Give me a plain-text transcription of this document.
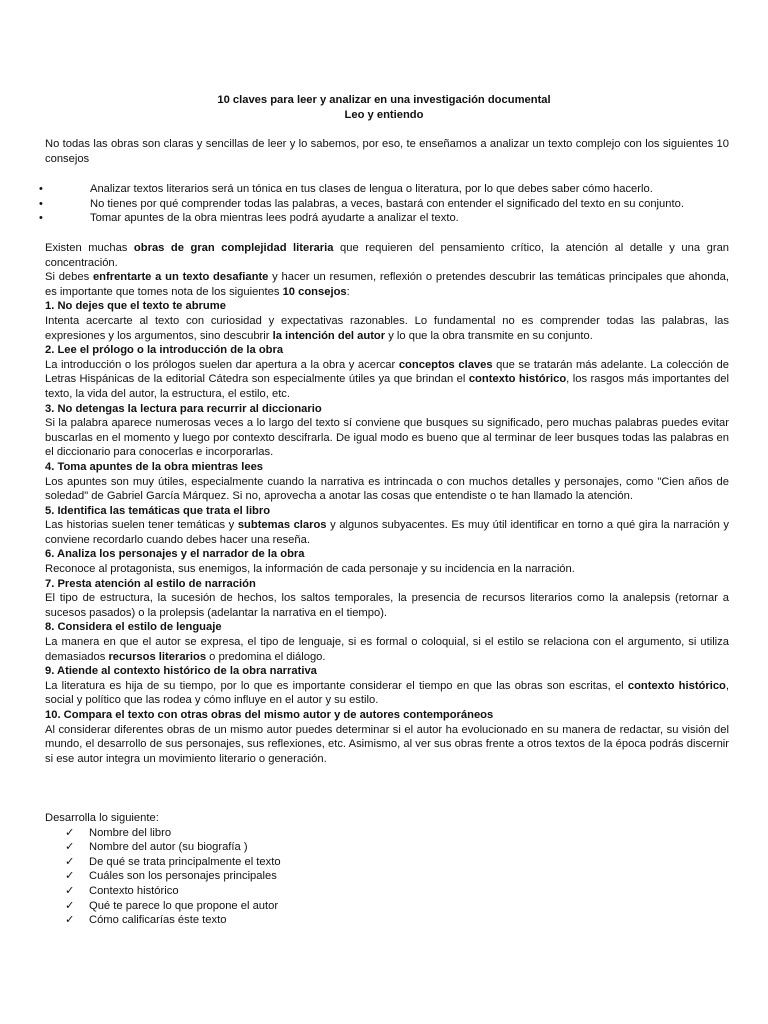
10 claves para leer y analizar en una investigación documental
Leo y entiendo
No todas las obras son claras y sencillas de leer y lo sabemos, por eso, te enseñamos a analizar un texto complejo con los siguientes 10 consejos
•	Analizar textos literarios será un tónica en tus clases de lengua o literatura, por lo que debes saber cómo hacerlo.
•	No tienes por qué comprender todas las palabras, a veces, bastará con entender el significado del texto en su conjunto.
•	Tomar apuntes de la obra mientras lees podrá ayudarte a analizar el texto.

Existen muchas obras de gran complejidad literaria que requieren del pensamiento crítico, la atención al detalle y una gran concentración.

Si debes enfrentarte a un texto desafiante y hacer un resumen, reflexión o pretendes descubrir las temáticas principales que ahonda, es importante que tomes nota de los siguientes 10 consejos:

1. No dejes que el texto te abrume

Intenta acercarte al texto con curiosidad y expectativas razonables. Lo fundamental no es comprender todas las palabras, las expresiones y los argumentos, sino descubrir la intención del autor y lo que la obra transmite en su conjunto.

2. Lee el prólogo o la introducción de la obra

La introducción o los prólogos suelen dar apertura a la obra y acercar conceptos claves que se tratarán más adelante. La colección de Letras Hispánicas de la editorial Cátedra son especialmente útiles ya que brindan el contexto histórico, los rasgos más importantes del texto, la vida del autor, la estructura, el estilo, etc.

3. No detengas la lectura para recurrir al diccionario

Si la palabra aparece numerosas veces a lo largo del texto sí conviene que busques su significado, pero muchas palabras puedes evitar buscarlas en el momento y luego por contexto descifrarla. De igual modo es bueno que al terminar de leer busques todas las palabras en el diccionario para conocerlas e incorporarlas.

4. Toma apuntes de la obra mientras lees

Los apuntes son muy útiles, especialmente cuando la narrativa es intrincada o con muchos detalles y personajes, como "Cien años de soledad" de Gabriel García Márquez. Si no, aprovecha a anotar las cosas que entendiste o te han llamado la atención.

5. Identifica las temáticas que trata el libro

Las historias suelen tener temáticas y subtemas claros y algunos subyacentes. Es muy útil identificar en torno a qué gira la narración y conviene recordarlo cuando debes hacer una reseña.

6. Analiza los personajes y el narrador de la obra

Reconoce al protagonista, sus enemigos, la información de cada personaje y su incidencia en la narración.

7. Presta atención al estilo de narración

El tipo de estructura, la sucesión de hechos, los saltos temporales, la presencia de recursos literarios como la analepsis (retornar a sucesos pasados) o la prolepsis (adelantar la narrativa en el tiempo).

8. Considera el estilo de lenguaje

La manera en que el autor se expresa, el tipo de lenguaje, si es formal o coloquial, si el estilo se relaciona con el argumento, si utiliza demasiados recursos literarios o predomina el diálogo.

9. Atiende al contexto histórico de la obra narrativa

La literatura es hija de su tiempo, por lo que es importante considerar el tiempo en que las obras son escritas, el contexto histórico, social y político que las rodea y cómo influye en el autor y su estilo.

10. Compara el texto con otras obras del mismo autor y de autores contemporáneos

Al considerar diferentes obras de un mismo autor puedes determinar si el autor ha evolucionado en su manera de redactar, su visión del mundo, el desarrollo de sus personajes, sus reflexiones, etc. Asimismo, al ver sus obras frente a otros textos de la época podrás discernir si ese autor integra un movimiento literario o generación.

Desarrolla lo siguiente:
✓ Nombre del libro
✓ Nombre del autor (su biografía )
✓ De qué se trata principalmente el texto
✓ Cuáles son los personajes principales
✓ Contexto histórico
✓ Qué te parece lo que propone el autor
✓ Cómo calificarías éste texto
